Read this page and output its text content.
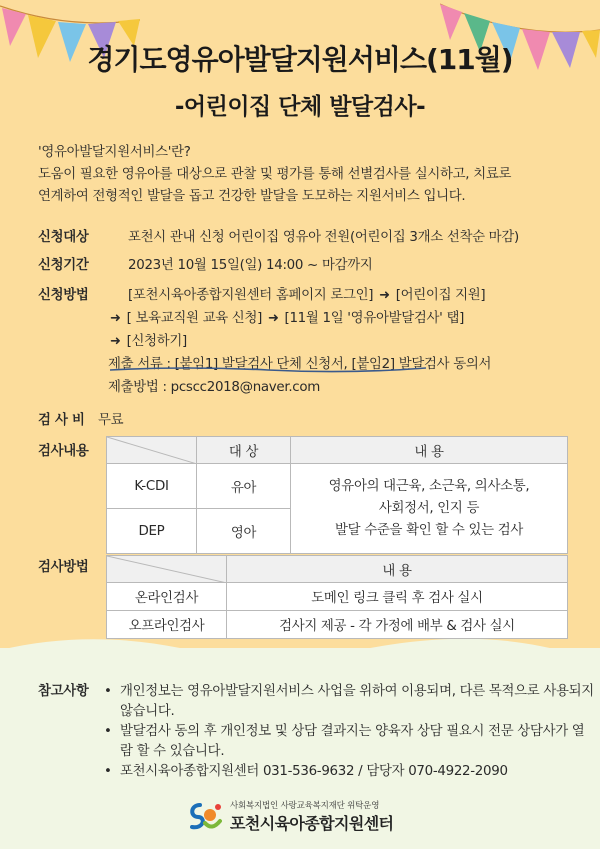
경기도영유아발달지원서비스(11월)
-어린이집 단체 발달검사-
'영유아발달지원서비스'란?
도움이 필요한 영유아를 대상으로 관찰 및 평가를 통해 선별검사를 실시하고, 치료로
연계하여 전형적인 발달을 돕고 건강한 발달을 도모하는 지원서비스 입니다.
신청대상	포천시 관내 신청 어린이집 영유아 전원(어린이집 3개소 선착순 마감)
신청기간	2023년 10월 15일(일) 14:00 ~ 마감까지
신청방법	[포천시육아종합지원센터 홈페이지 로그인] ➜ [어린이집 지원]
➜ [ 보육교직원 교육 신청] ➜ [11월 1일 '영유아발달검사' 탭]
➜ [신청하기]
제출 서류 : [붙임1] 발달검사 단체 신청서, [붙임2] 발달검사 동의서
제출방법 : pcscc2018@naver.com
검 사 비 무료
검사내용
		대 상	내 용
K-CDI	유아	영유아의 대근육, 소근육, 의사소통,
사회정서, 인지 등
발달 수준을 확인 할 수 있는 검사

DEP	영아	
검사방법
		내 용
온라인검사	도메인 링크 클릭 후 검사 실시
오프라인검사	검사지 제공 - 각 가정에 배부 & 검사 실시
참고사항	• 개인정보는 영유아발달지원서비스 사업을 위하여 이용되며, 다른 목적으로 사용되지 않습니다.
• 발달검사 동의 후 개인정보 및 상담 결과지는 양육자 상담 필요시 전문 상담사가 열람 할 수 있습니다.
• 포천시육아종합지원센터 031-536-9632 / 담당자 070-4922-2090
사회복지법인 사랑교육복지재단 위탁운영
포천시육아종합지원센터
